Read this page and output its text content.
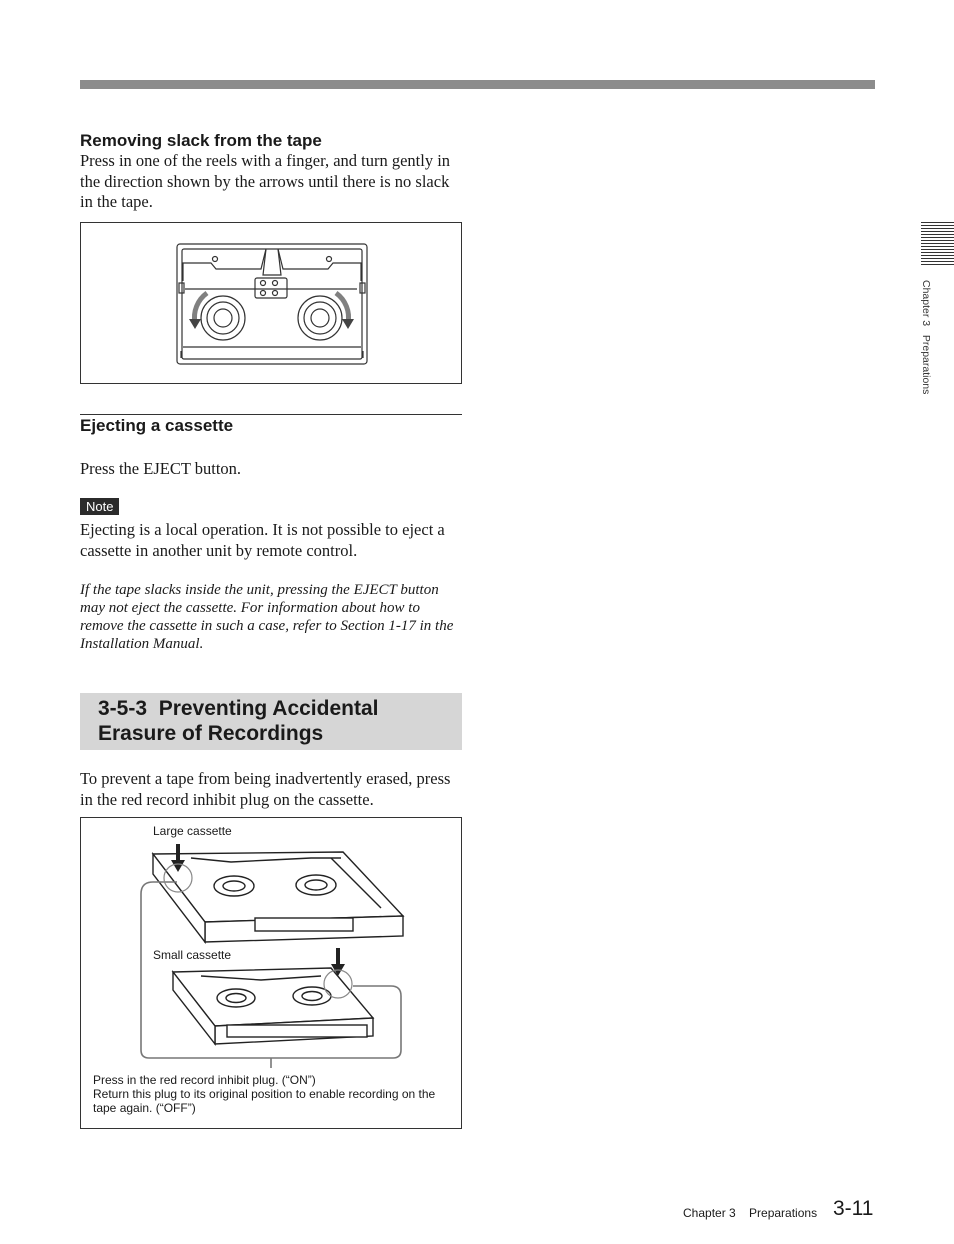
Removing slack from the tape

Press in one of the reels with a finger, and turn gently in the direction shown by the arrows until there is no slack in the tape.

Ejecting a cassette

Press the EJECT button.

Note

Ejecting is a local operation. It is not possible to eject a cassette in another unit by remote control.

If the tape slacks inside the unit, pressing the EJECT button may not eject the cassette. For information about how to remove the cassette in such a case, refer to Section 1-17 in the Installation Manual.

3-5-3  Preventing Accidental
Erasure of Recordings

To prevent a tape from being inadvertently erased, press in the red record inhibit plug on the cassette.

Large cassette
Small cassette
Press in the red record inhibit plug. (“ON”)
Return this plug to its original position to enable recording on the
tape again. (“OFF”)
Chapter 3   Preparations
Chapter 3    Preparations 3-11
